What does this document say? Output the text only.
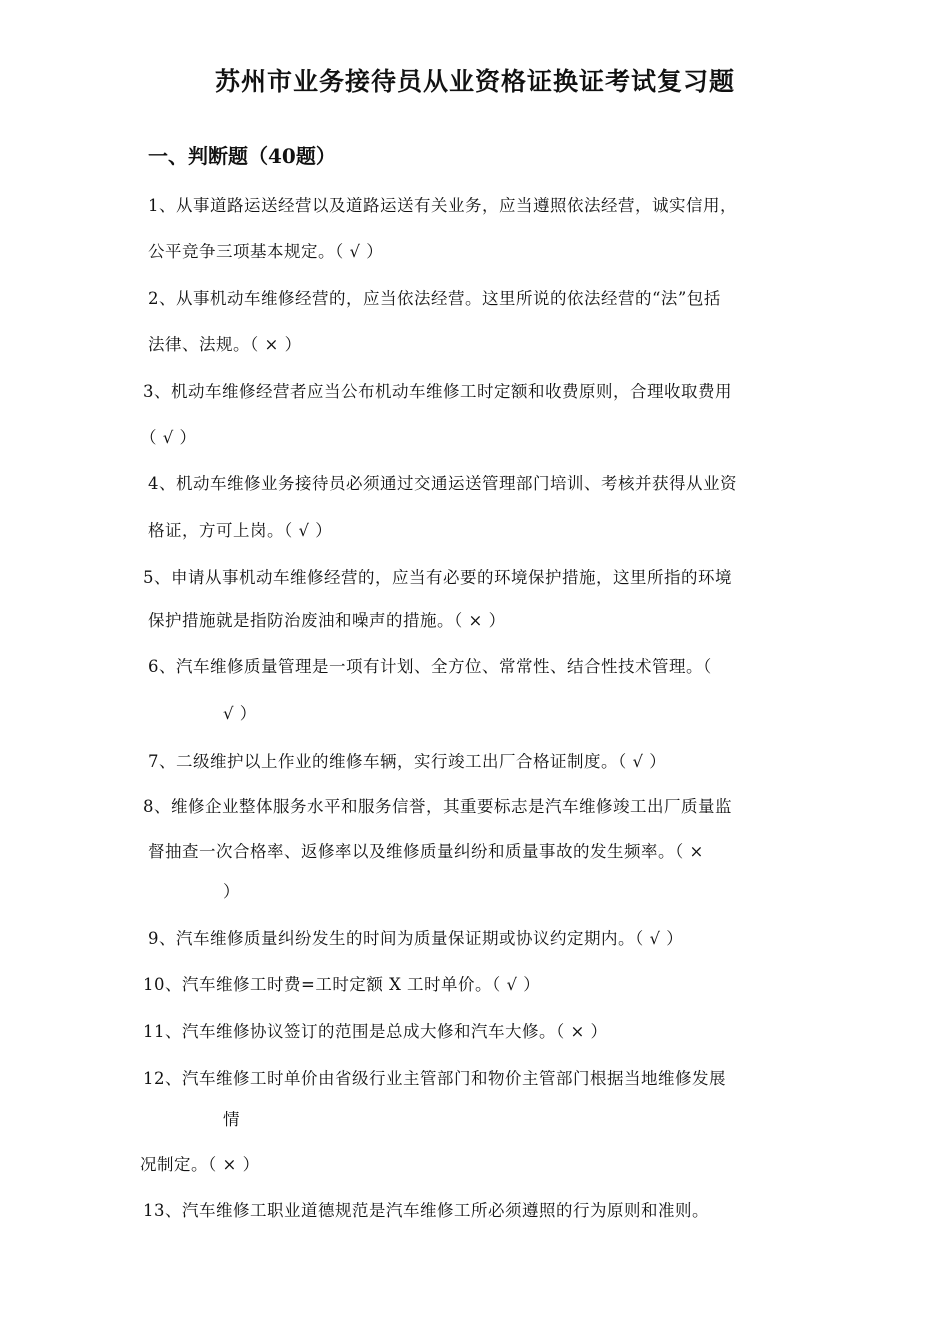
苏州市业务接待员从业资格证换证考试复习题
一、判断题（40题）
1、从事道路运送经营以及道路运送有关业务，应当遵照依法经营，诚实信用，
公平竞争三项基本规定。（ √ ）
2、从事机动车维修经营的，应当依法经营。这里所说的依法经营的“法”包括
法律、法规。（ × ）
3、机动车维修经营者应当公布机动车维修工时定额和收费原则，合理收取费用
（ √ ）
4、机动车维修业务接待员必须通过交通运送管理部门培训、考核并获得从业资
格证，方可上岗。（ √ ）
5、申请从事机动车维修经营的，应当有必要的环境保护措施，这里所指的环境
保护措施就是指防治废油和噪声的措施。（ × ）
6、汽车维修质量管理是一项有计划、全方位、常常性、结合性技术管理。（
√ ）
7、二级维护以上作业的维修车辆，实行竣工出厂合格证制度。（ √ ）
8、维修企业整体服务水平和服务信誉，其重要标志是汽车维修竣工出厂质量监
督抽查一次合格率、返修率以及维修质量纠纷和质量事故的发生频率。（ ×
）
9、汽车维修质量纠纷发生的时间为质量保证期或协议约定期内。（ √ ）
10、汽车维修工时费=工时定额 X 工时单价。（ √ ）
11、汽车维修协议签订的范围是总成大修和汽车大修。（ × ）
12、汽车维修工时单价由省级行业主管部门和物价主管部门根据当地维修发展
情
况制定。（ × ）
13、汽车维修工职业道德规范是汽车维修工所必须遵照的行为原则和准则。
